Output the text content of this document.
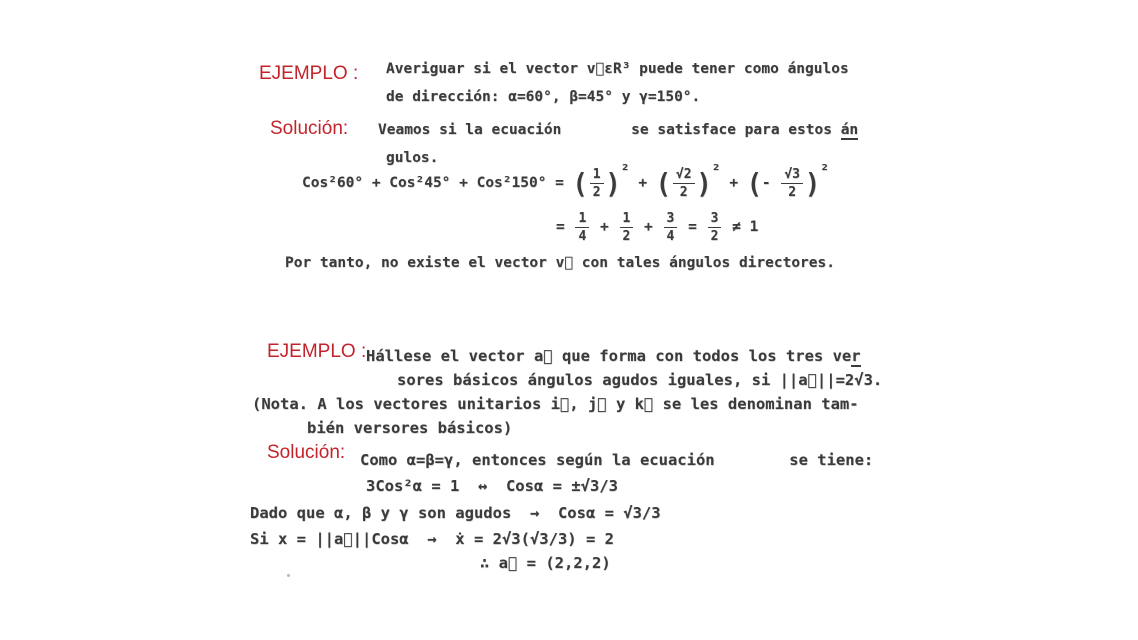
EJEMPLO : Averiguar si el vector v⃗εR³ puede tener como ángulos
de dirección: α=60°, β=45° y γ=150°.
Solución: Veamos si la ecuación        se satisface para estos án
gulos.
Cos²60° + Cos²45° + Cos²150° = ( $\frac{1}{2}$ ) ²
+ ( $\frac{√2}{2}$ ) ²
+ ( - $\frac{√3}{2}$ ) ²
= $\frac{1}{4} + \frac{1}{2} + \frac{3}{4} = \frac{3}{2} \ne 1$
Por tanto, no existe el vector v⃗ con tales ángulos directores.
EJEMPLO : Hállese el vector a⃗ que forma con todos los tres ver
sores básicos ángulos agudos iguales, si ||a⃗||=2√3.
(Nota. A los vectores unitarios i⃗, j⃗ y k⃗ se les denominan tam-
bién versores básicos)
Solución: Como α=β=γ, entonces según la ecuación        se tiene:
3Cos²α = 1  ↔  Cosα = ±√3/3
Dado que α, β y γ son agudos  →  Cosα = √3/3
Si x = ||a⃗||Cosα  →  ẋ = 2√3(√3/3) = 2
∴ a⃗ = (2,2,2)
